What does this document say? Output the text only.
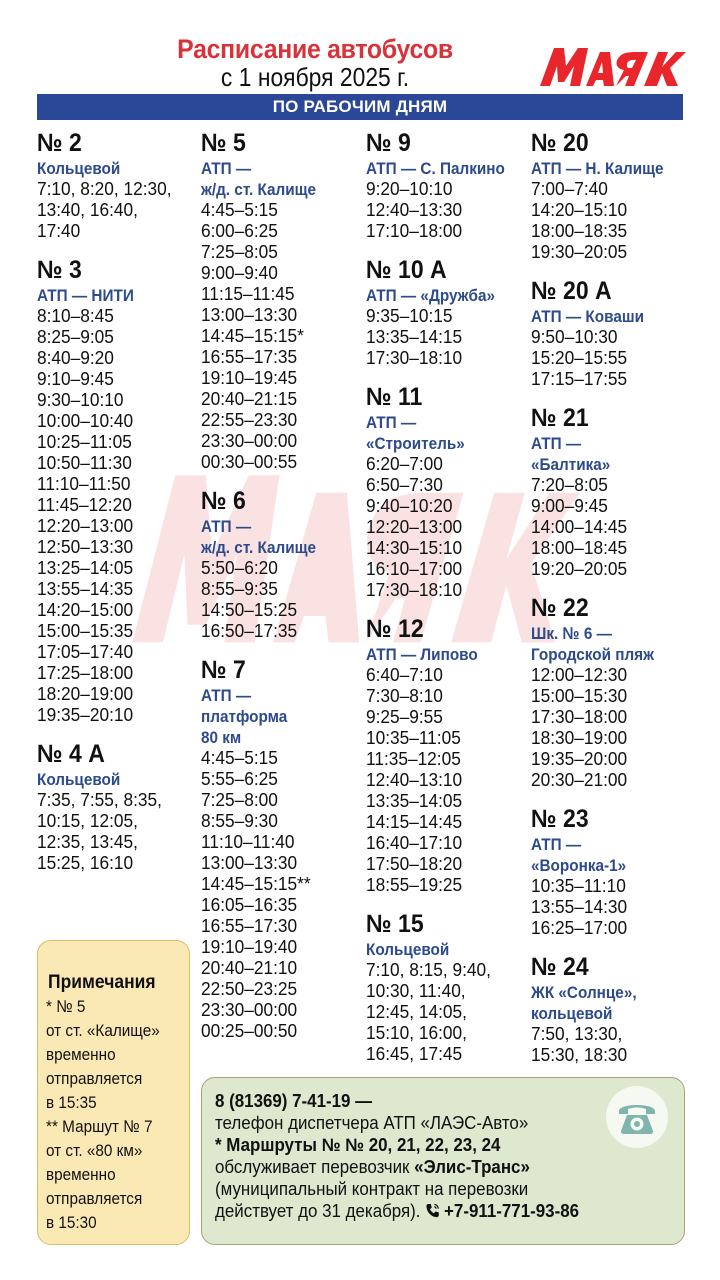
Расписание автобусов
с 1 ноября 2025 г.
ПО РАБОЧИМ ДНЯМ
№ 2
Кольцевой
7:10, 8:20, 12:30,
13:40, 16:40,
17:40
№ 3
АТП — НИТИ
8:10–8:45
8:25–9:05
8:40–9:20
9:10–9:45
9:30–10:10
10:00–10:40
10:25–11:05
10:50–11:30
11:10–11:50
11:45–12:20
12:20–13:00
12:50–13:30
13:25–14:05
13:55–14:35
14:20–15:00
15:00–15:35
17:05–17:40
17:25–18:00
18:20–19:00
19:35–20:10
№ 4 А
Кольцевой
7:35, 7:55, 8:35,
10:15, 12:05,
12:35, 13:45,
15:25, 16:10
№ 5
АТП —
ж/д. ст. Калище
4:45–5:15
6:00–6:25
7:25–8:05
9:00–9:40
11:15–11:45
13:00–13:30
14:45–15:15*
16:55–17:35
19:10–19:45
20:40–21:15
22:55–23:30
23:30–00:00
00:30–00:55
№ 6
АТП —
ж/д. ст. Калище
5:50–6:20
8:55–9:35
14:50–15:25
16:50–17:35
№ 7
АТП —
платформа
80 км
4:45–5:15
5:55–6:25
7:25–8:00
8:55–9:30
11:10–11:40
13:00–13:30
14:45–15:15**
16:05–16:35
16:55–17:30
19:10–19:40
20:40–21:10
22:50–23:25
23:30–00:00
00:25–00:50
№ 9
АТП — С. Палкино
9:20–10:10
12:40–13:30
17:10–18:00
№ 10 А
АТП — «Дружба»
9:35–10:15
13:35–14:15
17:30–18:10
№ 11
АТП —
«Строитель»
6:20–7:00
6:50–7:30
9:40–10:20
12:20–13:00
14:30–15:10
16:10–17:00
17:30–18:10
№ 12
АТП — Липово
6:40–7:10
7:30–8:10
9:25–9:55
10:35–11:05
11:35–12:05
12:40–13:10
13:35–14:05
14:15–14:45
16:40–17:10
17:50–18:20
18:55–19:25
№ 15
Кольцевой
7:10, 8:15, 9:40,
10:30, 11:40,
12:45, 14:05,
15:10, 16:00,
16:45, 17:45
№ 20
АТП — Н. Калище
7:00–7:40
14:20–15:10
18:00–18:35
19:30–20:05
№ 20 А
АТП — Коваши
9:50–10:30
15:20–15:55
17:15–17:55
№ 21
АТП —
«Балтика»
7:20–8:05
9:00–9:45
14:00–14:45
18:00–18:45
19:20–20:05
№ 22
Шк. № 6 —
Городской пляж
12:00–12:30
15:00–15:30
17:30–18:00
18:30–19:00
19:35–20:00
20:30–21:00
№ 23
АТП —
«Воронка-1»
10:35–11:10
13:55–14:30
16:25–17:00
№ 24
ЖК «Солнце»,
кольцевой
7:50, 13:30,
15:30, 18:30
Примечания
* № 5
от ст. «Калище»
временно
отправляется
в 15:35
** Маршут № 7
от ст. «80 км»
временно
отправляется
в 15:30
8 (81369) 7-41-19 —
телефон диспетчера АТП «ЛАЭС-Авто»
* Маршруты № № 20, 21, 22, 23, 24
обслуживает перевозчик «Элис-Транс»
(муниципальный контракт на перевозки
действует до 31 декабря).  +7-911-771-93-86
